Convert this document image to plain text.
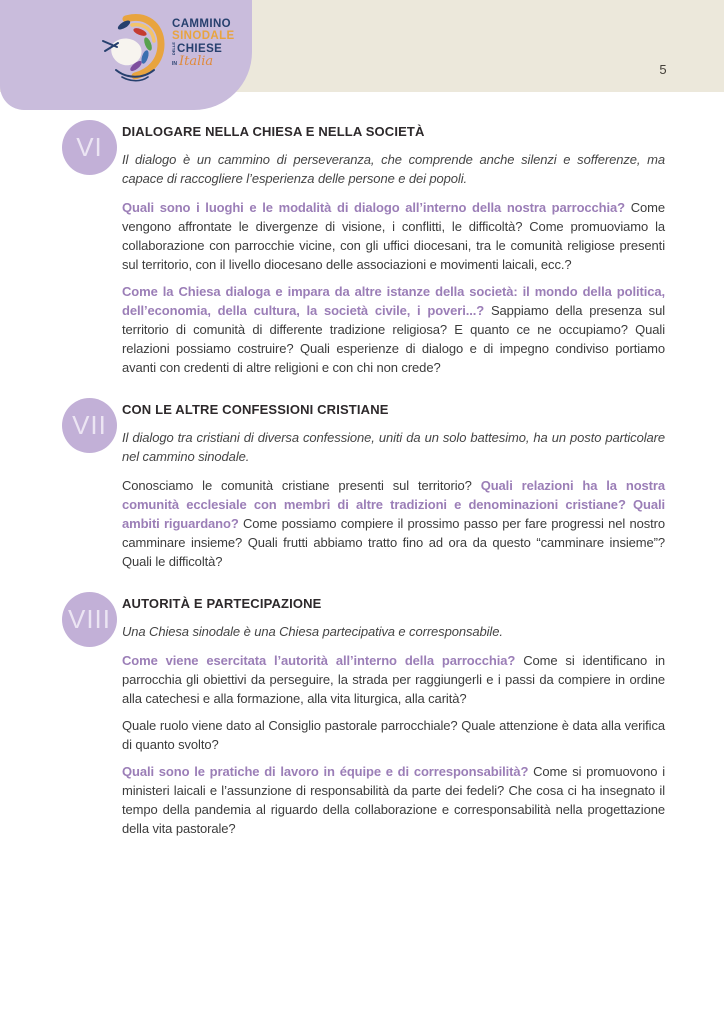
CAMMINO
SINODALE
DELLE CHIESE
IN Italia
5
VI
DIALOGARE NELLA CHIESA E NELLA SOCIETÀ

Il dialogo è un cammino di perseveranza, che comprende anche silenzi e sofferenze, ma capace di raccogliere l’esperienza delle persone e dei popoli.

Quali sono i luoghi e le modalità di dialogo all’interno della nostra parrocchia? Come vengono affrontate le divergenze di visione, i conflitti, le difficoltà? Come promuoviamo la collaborazione con parrocchie vicine, con gli uffici diocesani, tra le comunità religiose presenti sul territorio, con il livello diocesano delle associazioni e movimenti laicali, ecc.?

Come la Chiesa dialoga e impara da altre istanze della società: il mondo della politica, dell’economia, della cultura, la società civile, i poveri...? Sappiamo della presenza sul territorio di comunità di differente tradizione religiosa? E quanto ce ne occupiamo? Quali relazioni possiamo costruire? Quali esperienze di dialogo e di impegno condiviso portiamo avanti con credenti di altre religioni e con chi non crede?

VII
CON LE ALTRE CONFESSIONI CRISTIANE

Il dialogo tra cristiani di diversa confessione, uniti da un solo battesimo, ha un posto particolare nel cammino sinodale.

Conosciamo le comunità cristiane presenti sul territorio? Quali relazioni ha la nostra comunità ecclesiale con membri di altre tradizioni e denominazioni cristiane? Quali ambiti riguardano? Come possiamo compiere il prossimo passo per fare progressi nel nostro camminare insieme? Quali frutti abbiamo tratto fino ad ora da questo “camminare insieme”? Quali le difficoltà?

VIII
AUTORITÀ E PARTECIPAZIONE

Una Chiesa sinodale è una Chiesa partecipativa e corresponsabile.

Come viene esercitata l’autorità all’interno della parrocchia? Come si identificano in parrocchia gli obiettivi da perseguire, la strada per raggiungerli e i passi da compiere in ordine alla catechesi e alla formazione, alla vita liturgica, alla carità?

Quale ruolo viene dato al Consiglio pastorale parrocchiale? Quale attenzione è data alla verifica di quanto svolto?

Quali sono le pratiche di lavoro in équipe e di corresponsabilità? Come si promuovono i ministeri laicali e l’assunzione di responsabilità da parte dei fedeli? Che cosa ci ha insegnato il tempo della pandemia al riguardo della collaborazione e corresponsabilità nella progettazione della vita pastorale?
